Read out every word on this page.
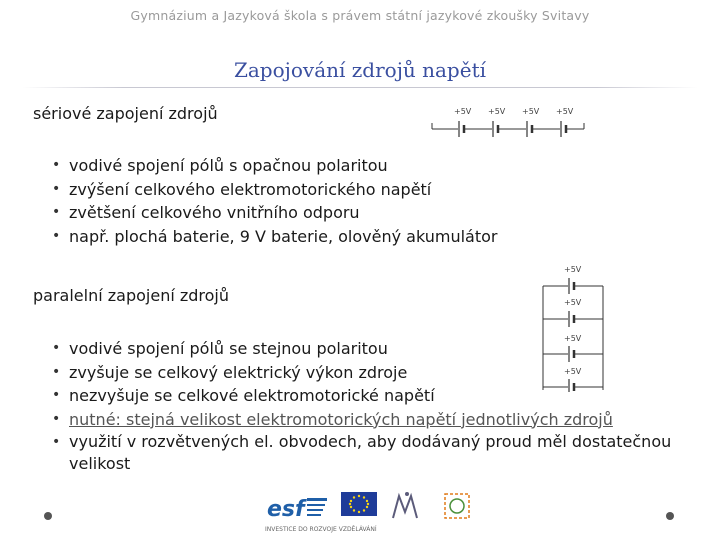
Gymnázium a Jazyková škola s právem státní jazykové zkoušky Svitavy
Zapojování zdrojů napětí
sériové zapojení zdrojů	+5V +5V +5V +5V
• vodivé spojení pólů s opačnou polaritou
• zvýšení celkového elektromotorického napětí
• zvětšení celkového vnitřního odporu
• např. plochá baterie, 9 V baterie, olověný akumulátor
paralelní zapojení zdrojů
+5V
+5V
+5V
+5V
• vodivé spojení pólů se stejnou polaritou
• zvyšuje se celkový elektrický výkon zdroje
• nezvyšuje se celkové elektromotorické napětí
• nutné: stejná velikost elektromotorických napětí jednotlivých zdrojů
• využití v rozvětvených el. obvodech, aby dodávaný proud měl dostatečnou velikost
esf
INVESTICE DO ROZVOJE VZDĚLÁVÁNÍ
